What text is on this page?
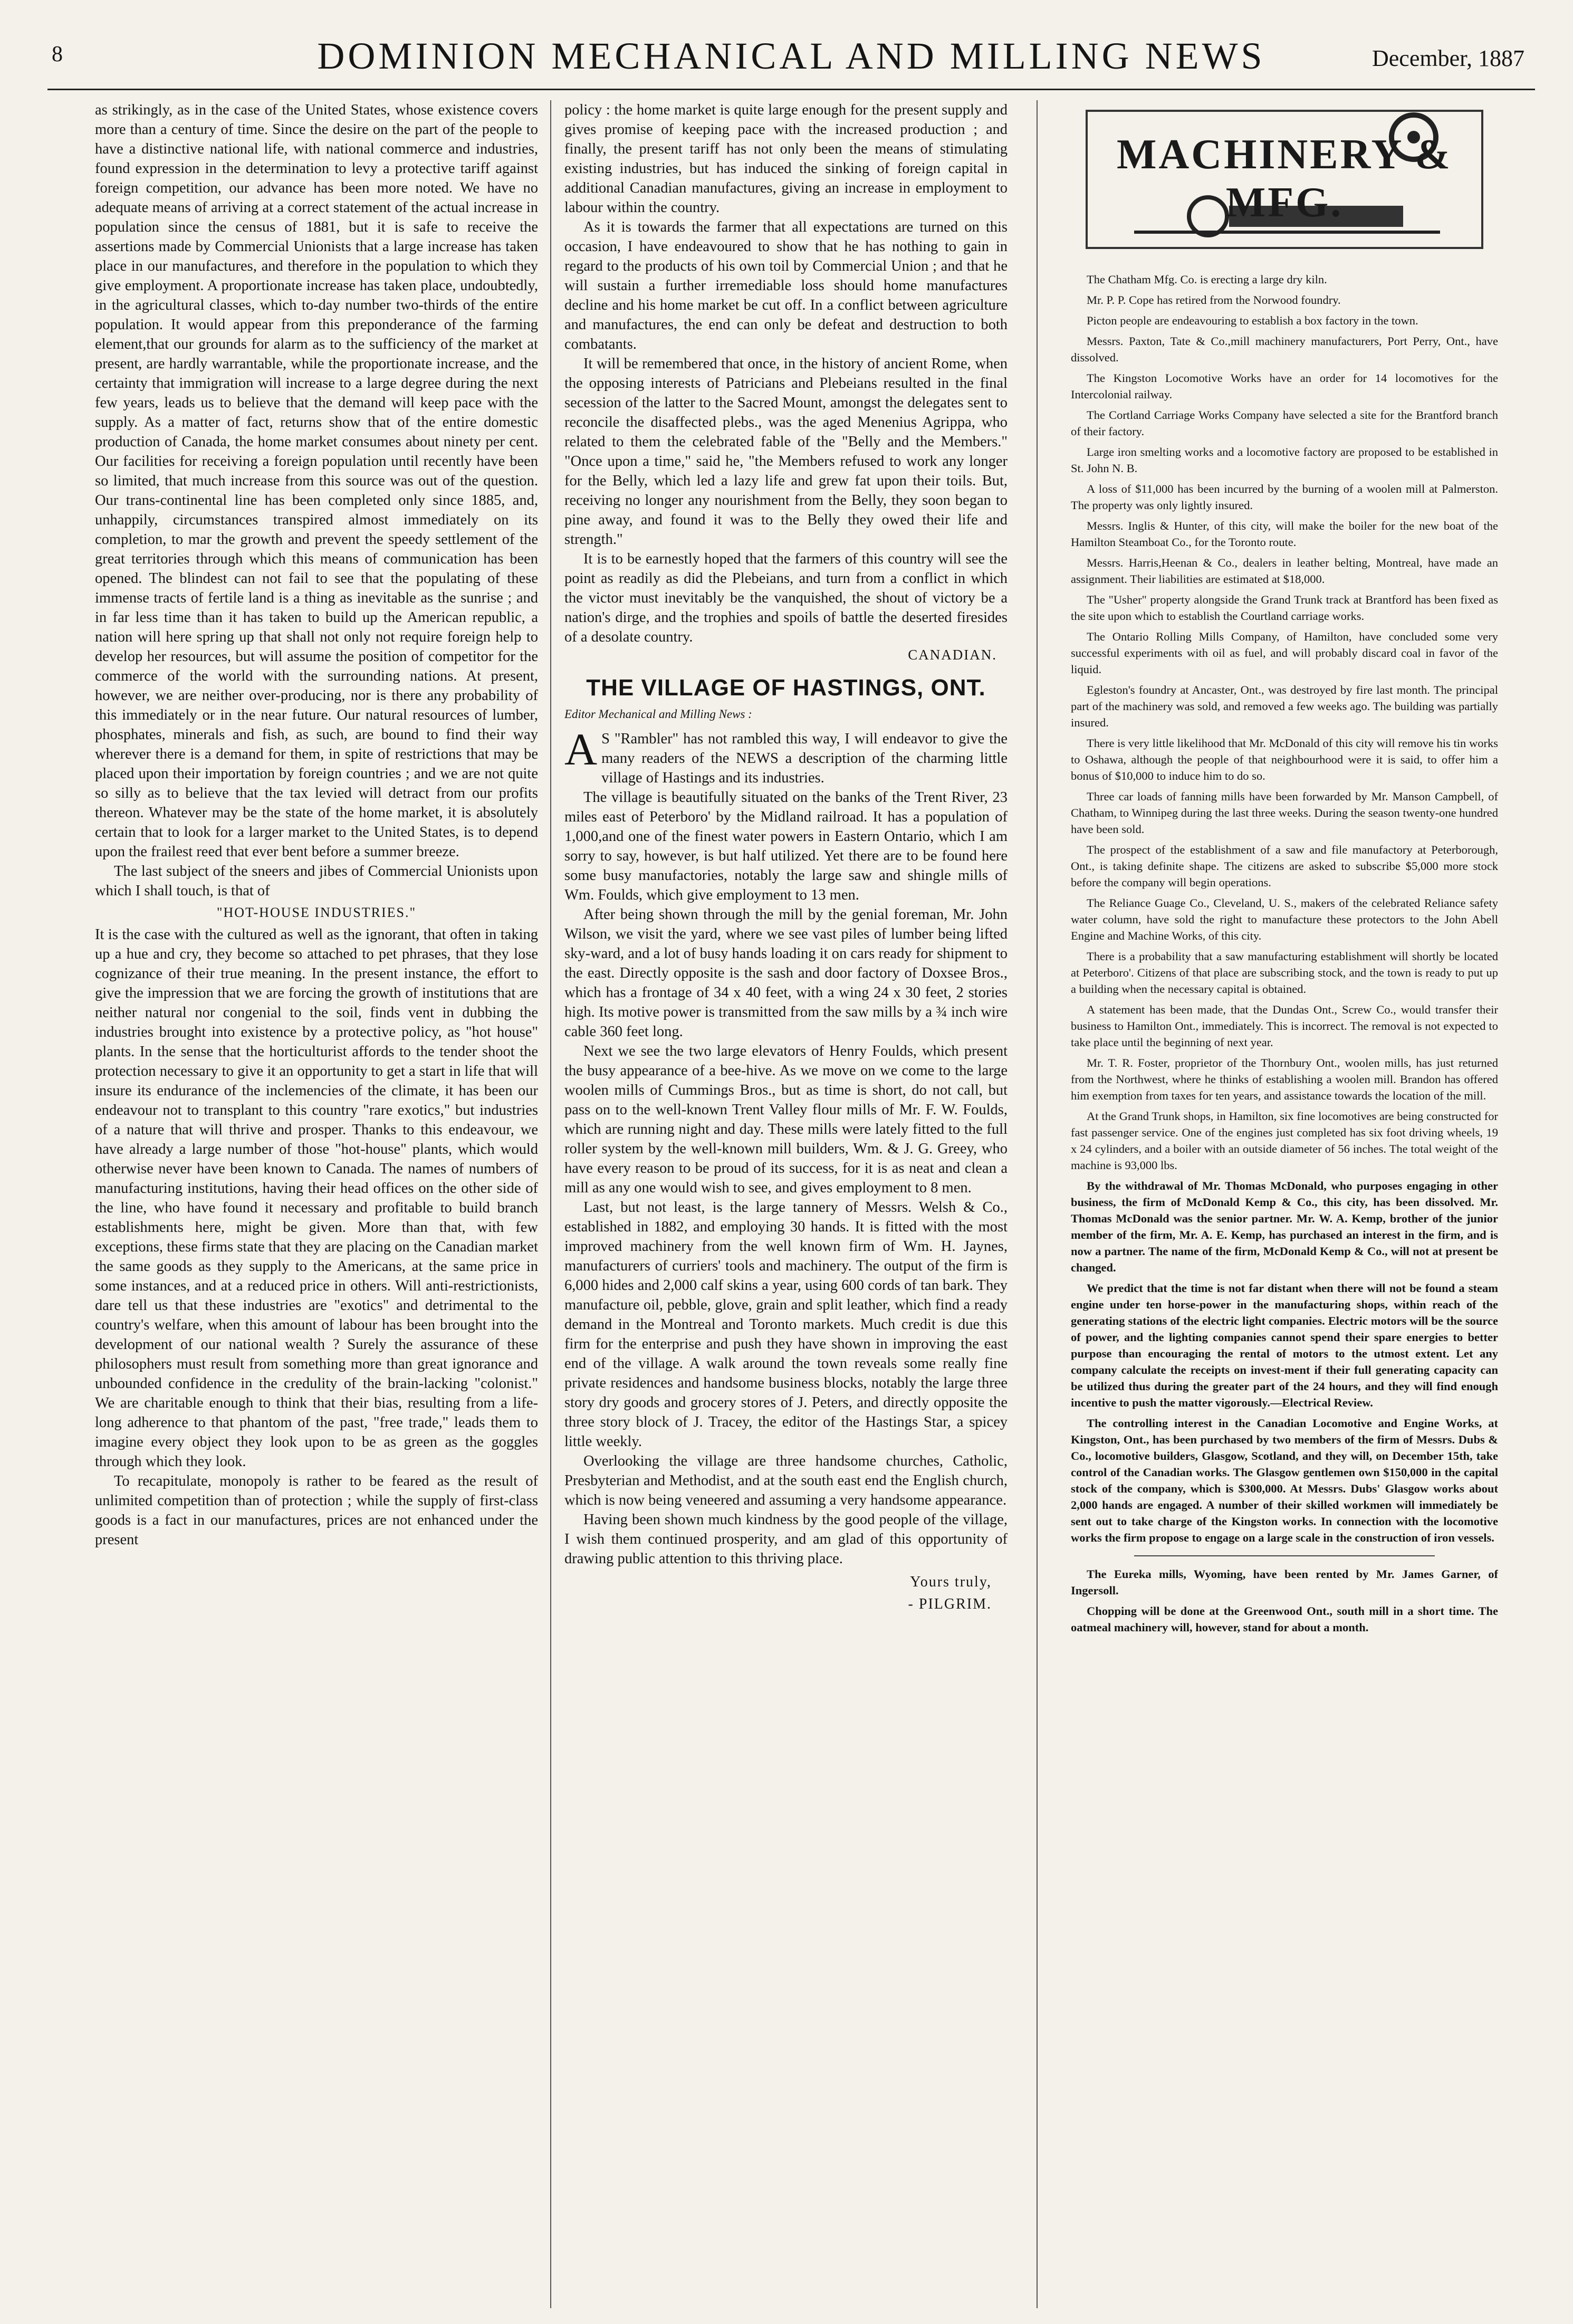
8	DOMINION MECHANICAL AND MILLING NEWS	December, 1887

as strikingly, as in the case of the United States, whose existence covers more than a century of time. Since the desire on the part of the people to have a distinctive national life, with national commerce and industries, found expression in the determination to levy a protective tariff against foreign competition, our advance has been more noted. We have no adequate means of arriving at a correct statement of the actual increase in population since the census of 1881, but it is safe to receive the assertions made by Commercial Unionists that a large increase has taken place in our manufactures, and therefore in the population to which they give employment. A proportionate increase has taken place, undoubtedly, in the agricultural classes, which to-day number two-thirds of the entire population. It would appear from this preponderance of the farming element,that our grounds for alarm as to the sufficiency of the market at present, are hardly warrantable, while the proportionate increase, and the certainty that immigration will increase to a large degree during the next few years, leads us to believe that the demand will keep pace with the supply. As a matter of fact, returns show that of the entire domestic production of Canada, the home market consumes about ninety per cent. Our facilities for receiving a foreign population until recently have been so limited, that much increase from this source was out of the question. Our trans-continental line has been completed only since 1885, and, unhappily, circumstances transpired almost immediately on its completion, to mar the growth and prevent the speedy settlement of the great territories through which this means of communication has been opened. The blindest can not fail to see that the populating of these immense tracts of fertile land is a thing as inevitable as the sunrise ; and in far less time than it has taken to build up the American republic, a nation will here spring up that shall not only not require foreign help to develop her resources, but will assume the position of competitor for the commerce of the world with the surrounding nations. At present, however, we are neither over-producing, nor is there any probability of this immediately or in the near future. Our natural resources of lumber, phosphates, minerals and fish, as such, are bound to find their way wherever there is a demand for them, in spite of restrictions that may be placed upon their importation by foreign countries ; and we are not quite so silly as to believe that the tax levied will detract from our profits thereon. Whatever may be the state of the home market, it is absolutely certain that to look for a larger market to the United States, is to depend upon the frailest reed that ever bent before a summer breeze.

The last subject of the sneers and jibes of Commercial Unionists upon which I shall touch, is that of

"HOT-HOUSE INDUSTRIES."

It is the case with the cultured as well as the ignorant, that often in taking up a hue and cry, they become so attached to pet phrases, that they lose cognizance of their true meaning. In the present instance, the effort to give the impression that we are forcing the growth of institutions that are neither natural nor congenial to the soil, finds vent in dubbing the industries brought into existence by a protective policy, as "hot house" plants. In the sense that the horticulturist affords to the tender shoot the protection necessary to give it an opportunity to get a start in life that will insure its endurance of the inclemencies of the climate, it has been our endeavour not to transplant to this country "rare exotics," but industries of a nature that will thrive and prosper. Thanks to this endeavour, we have already a large number of those "hot-house" plants, which would otherwise never have been known to Canada. The names of numbers of manufacturing institutions, having their head offices on the other side of the line, who have found it necessary and profitable to build branch establishments here, might be given. More than that, with few exceptions, these firms state that they are placing on the Canadian market the same goods as they supply to the Americans, at the same price in some instances, and at a reduced price in others. Will anti-restrictionists, dare tell us that these industries are "exotics" and detrimental to the country's welfare, when this amount of labour has been brought into the development of our national wealth ? Surely the assurance of these philosophers must result from something more than great ignorance and unbounded confidence in the credulity of the brain-lacking "colonist." We are charitable enough to think that their bias, resulting from a life-long adherence to that phantom of the past, "free trade," leads them to imagine every object they look upon to be as green as the goggles through which they look.

To recapitulate, monopoly is rather to be feared as the result of unlimited competition than of protection ; while the supply of first-class goods is a fact in our manufactures, prices are not enhanced under the present

policy : the home market is quite large enough for the present supply and gives promise of keeping pace with the increased production ; and finally, the present tariff has not only been the means of stimulating existing industries, but has induced the sinking of foreign capital in additional Canadian manufactures, giving an increase in employment to labour within the country.

As it is towards the farmer that all expectations are turned on this occasion, I have endeavoured to show that he has nothing to gain in regard to the products of his own toil by Commercial Union ; and that he will sustain a further irremediable loss should home manufactures decline and his home market be cut off. In a conflict between agriculture and manufactures, the end can only be defeat and destruction to both combatants.

It will be remembered that once, in the history of ancient Rome, when the opposing interests of Patricians and Plebeians resulted in the final secession of the latter to the Sacred Mount, amongst the delegates sent to reconcile the disaffected plebs., was the aged Menenius Agrippa, who related to them the celebrated fable of the "Belly and the Members." "Once upon a time," said he, "the Members refused to work any longer for the Belly, which led a lazy life and grew fat upon their toils. But, receiving no longer any nourishment from the Belly, they soon began to pine away, and found it was to the Belly they owed their life and strength."

It is to be earnestly hoped that the farmers of this country will see the point as readily as did the Plebeians, and turn from a conflict in which the victor must inevitably be the vanquished, the shout of victory be a nation's dirge, and the trophies and spoils of battle the deserted firesides of a desolate country.

CANADIAN.
THE VILLAGE OF HASTINGS, ONT.

Editor Mechanical and Milling News :

A S "Rambler" has not rambled this way, I will endeavor to give the many readers of the NEWS a description of the charming little village of Hastings and its industries.

The village is beautifully situated on the banks of the Trent River, 23 miles east of Peterboro' by the Midland railroad. It has a population of 1,000,and one of the finest water powers in Eastern Ontario, which I am sorry to say, however, is but half utilized. Yet there are to be found here some busy manufactories, notably the large saw and shingle mills of Wm. Foulds, which give employment to 13 men.

After being shown through the mill by the genial foreman, Mr. John Wilson, we visit the yard, where we see vast piles of lumber being lifted sky-ward, and a lot of busy hands loading it on cars ready for shipment to the east. Directly opposite is the sash and door factory of Doxsee Bros., which has a frontage of 34 x 40 feet, with a wing 24 x 30 feet, 2 stories high. Its motive power is transmitted from the saw mills by a ¾ inch wire cable 360 feet long.

Next we see the two large elevators of Henry Foulds, which present the busy appearance of a bee-hive. As we move on we come to the large woolen mills of Cummings Bros., but as time is short, do not call, but pass on to the well-known Trent Valley flour mills of Mr. F. W. Foulds, which are running night and day. These mills were lately fitted to the full roller system by the well-known mill builders, Wm. & J. G. Greey, who have every reason to be proud of its success, for it is as neat and clean a mill as any one would wish to see, and gives employment to 8 men.

Last, but not least, is the large tannery of Messrs. Welsh & Co., established in 1882, and employing 30 hands. It is fitted with the most improved machinery from the well known firm of Wm. H. Jaynes, manufacturers of curriers' tools and machinery. The output of the firm is 6,000 hides and 2,000 calf skins a year, using 600 cords of tan bark. They manufacture oil, pebble, glove, grain and split leather, which find a ready demand in the Montreal and Toronto markets. Much credit is due this firm for the enterprise and push they have shown in improving the east end of the village. A walk around the town reveals some really fine private residences and handsome business blocks, notably the large three story dry goods and grocery stores of J. Peters, and directly opposite the three story block of J. Tracey, the editor of the Hastings Star, a spicey little weekly.

Overlooking the village are three handsome churches, Catholic, Presbyterian and Methodist, and at the south east end the English church, which is now being veneered and assuming a very handsome appearance.

Having been shown much kindness by the good people of the village, I wish them continued prosperity, and am glad of this opportunity of drawing public attention to this thriving place.

Yours truly,
- PILGRIM.
MACHINERY & MFG.

The Chatham Mfg. Co. is erecting a large dry kiln.

Mr. P. P. Cope has retired from the Norwood foundry.

Picton people are endeavouring to establish a box factory in the town.

Messrs. Paxton, Tate & Co.,mill machinery manufacturers, Port Perry, Ont., have dissolved.

The Kingston Locomotive Works have an order for 14 locomotives for the Intercolonial railway.

The Cortland Carriage Works Company have selected a site for the Brantford branch of their factory.

Large iron smelting works and a locomotive factory are proposed to be established in St. John N. B.

A loss of $11,000 has been incurred by the burning of a woolen mill at Palmerston. The property was only lightly insured.

Messrs. Inglis & Hunter, of this city, will make the boiler for the new boat of the Hamilton Steamboat Co., for the Toronto route.

Messrs. Harris,Heenan & Co., dealers in leather belting, Montreal, have made an assignment. Their liabilities are estimated at $18,000.

The "Usher" property alongside the Grand Trunk track at Brantford has been fixed as the site upon which to establish the Courtland carriage works.

The Ontario Rolling Mills Company, of Hamilton, have concluded some very successful experiments with oil as fuel, and will probably discard coal in favor of the liquid.

Egleston's foundry at Ancaster, Ont., was destroyed by fire last month. The principal part of the machinery was sold, and removed a few weeks ago. The building was partially insured.

There is very little likelihood that Mr. McDonald of this city will remove his tin works to Oshawa, although the people of that neighbourhood were it is said, to offer him a bonus of $10,000 to induce him to do so.

Three car loads of fanning mills have been forwarded by Mr. Manson Campbell, of Chatham, to Winnipeg during the last three weeks. During the season twenty-one hundred have been sold.

The prospect of the establishment of a saw and file manufactory at Peterborough, Ont., is taking definite shape. The citizens are asked to subscribe $5,000 more stock before the company will begin operations.

The Reliance Guage Co., Cleveland, U. S., makers of the celebrated Reliance safety water column, have sold the right to manufacture these protectors to the John Abell Engine and Machine Works, of this city.

There is a probability that a saw manufacturing establishment will shortly be located at Peterboro'. Citizens of that place are subscribing stock, and the town is ready to put up a building when the necessary capital is obtained.

A statement has been made, that the Dundas Ont., Screw Co., would transfer their business to Hamilton Ont., immediately. This is incorrect. The removal is not expected to take place until the beginning of next year.

Mr. T. R. Foster, proprietor of the Thornbury Ont., woolen mills, has just returned from the Northwest, where he thinks of establishing a woolen mill. Brandon has offered him exemption from taxes for ten years, and assistance towards the location of the mill.

At the Grand Trunk shops, in Hamilton, six fine locomotives are being constructed for fast passenger service. One of the engines just completed has six foot driving wheels, 19 x 24 cylinders, and a boiler with an outside diameter of 56 inches. The total weight of the machine is 93,000 lbs.

By the withdrawal of Mr. Thomas McDonald, who purposes engaging in other business, the firm of McDonald Kemp & Co., this city, has been dissolved. Mr. Thomas McDonald was the senior partner. Mr. W. A. Kemp, brother of the junior member of the firm, Mr. A. E. Kemp, has purchased an interest in the firm, and is now a partner. The name of the firm, McDonald Kemp & Co., will not at present be changed.

We predict that the time is not far distant when there will not be found a steam engine under ten horse-power in the manufacturing shops, within reach of the generating stations of the electric light companies. Electric motors will be the source of power, and the lighting companies cannot spend their spare energies to better purpose than encouraging the rental of motors to the utmost extent. Let any company calculate the receipts on invest-ment if their full generating capacity can be utilized thus during the greater part of the 24 hours, and they will find enough incentive to push the matter vigorously.—Electrical Review.

The controlling interest in the Canadian Locomotive and Engine Works, at Kingston, Ont., has been purchased by two members of the firm of Messrs. Dubs & Co., locomotive builders, Glasgow, Scotland, and they will, on December 15th, take control of the Canadian works. The Glasgow gentlemen own $150,000 in the capital stock of the company, which is $300,000. At Messrs. Dubs' Glasgow works about 2,000 hands are engaged. A number of their skilled workmen will immediately be sent out to take charge of the Kingston works. In connection with the locomotive works the firm propose to engage on a large scale in the construction of iron vessels.

The Eureka mills, Wyoming, have been rented by Mr. James Garner, of Ingersoll.

Chopping will be done at the Greenwood Ont., south mill in a short time. The oatmeal machinery will, however, stand for about a month.
